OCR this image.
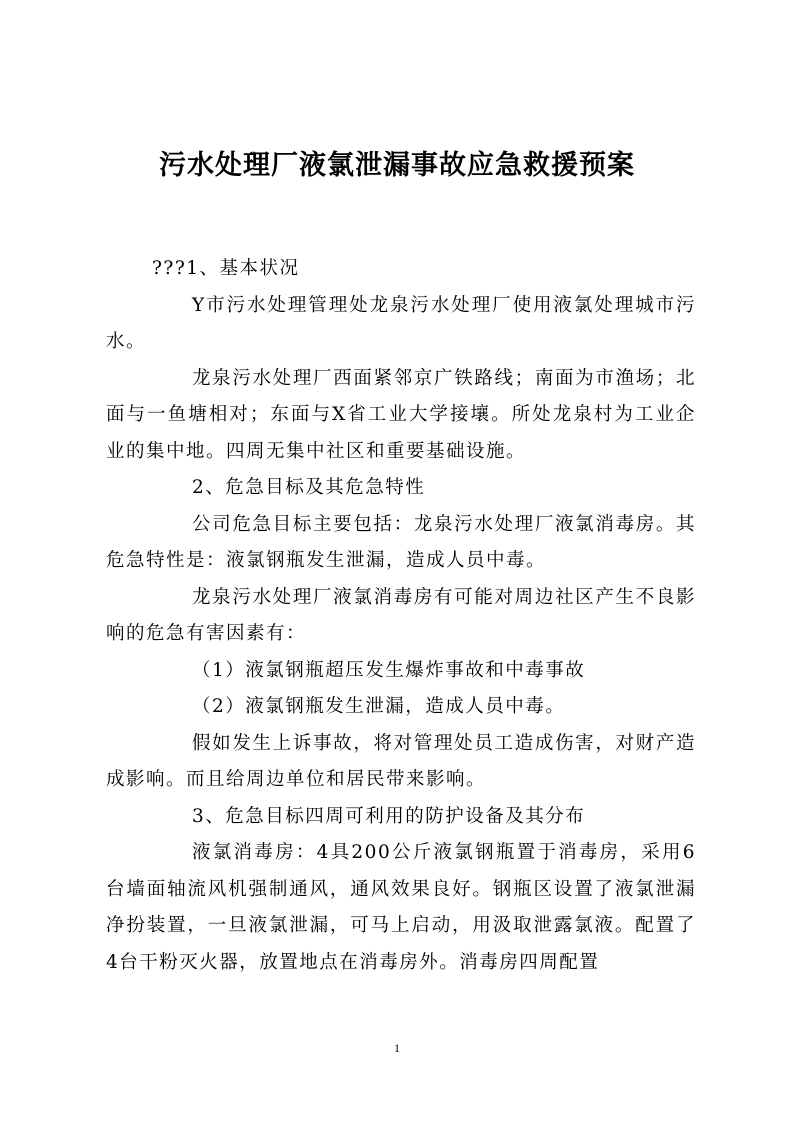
污水处理厂液氯泄漏事故应急救援预案

???1、基本状况

Y市污水处理管理处龙泉污水处理厂使用液氯处理城市污水。

龙泉污水处理厂西面紧邻京广铁路线；南面为市渔场；北面与一鱼塘相对；东面与X省工业大学接壤。所处龙泉村为工业企业的集中地。四周无集中社区和重要基础设施。

2、危急目标及其危急特性

公司危急目标主要包括：龙泉污水处理厂液氯消毒房。其危急特性是：液氯钢瓶发生泄漏，造成人员中毒。

龙泉污水处理厂液氯消毒房有可能对周边社区产生不良影响的危急有害因素有：

（1）液氯钢瓶超压发生爆炸事故和中毒事故

（2）液氯钢瓶发生泄漏，造成人员中毒。

假如发生上诉事故，将对管理处员工造成伤害，对财产造成影响。而且给周边单位和居民带来影响。

3、危急目标四周可利用的防护设备及其分布

液氯消毒房：4具200公斤液氯钢瓶置于消毒房，采用6台墙面轴流风机强制通风，通风效果良好。钢瓶区设置了液氯泄漏净扮装置，一旦液氯泄漏，可马上启动，用汲取泄露氯液。配置了4台干粉灭火器，放置地点在消毒房外。消毒房四周配置

1
